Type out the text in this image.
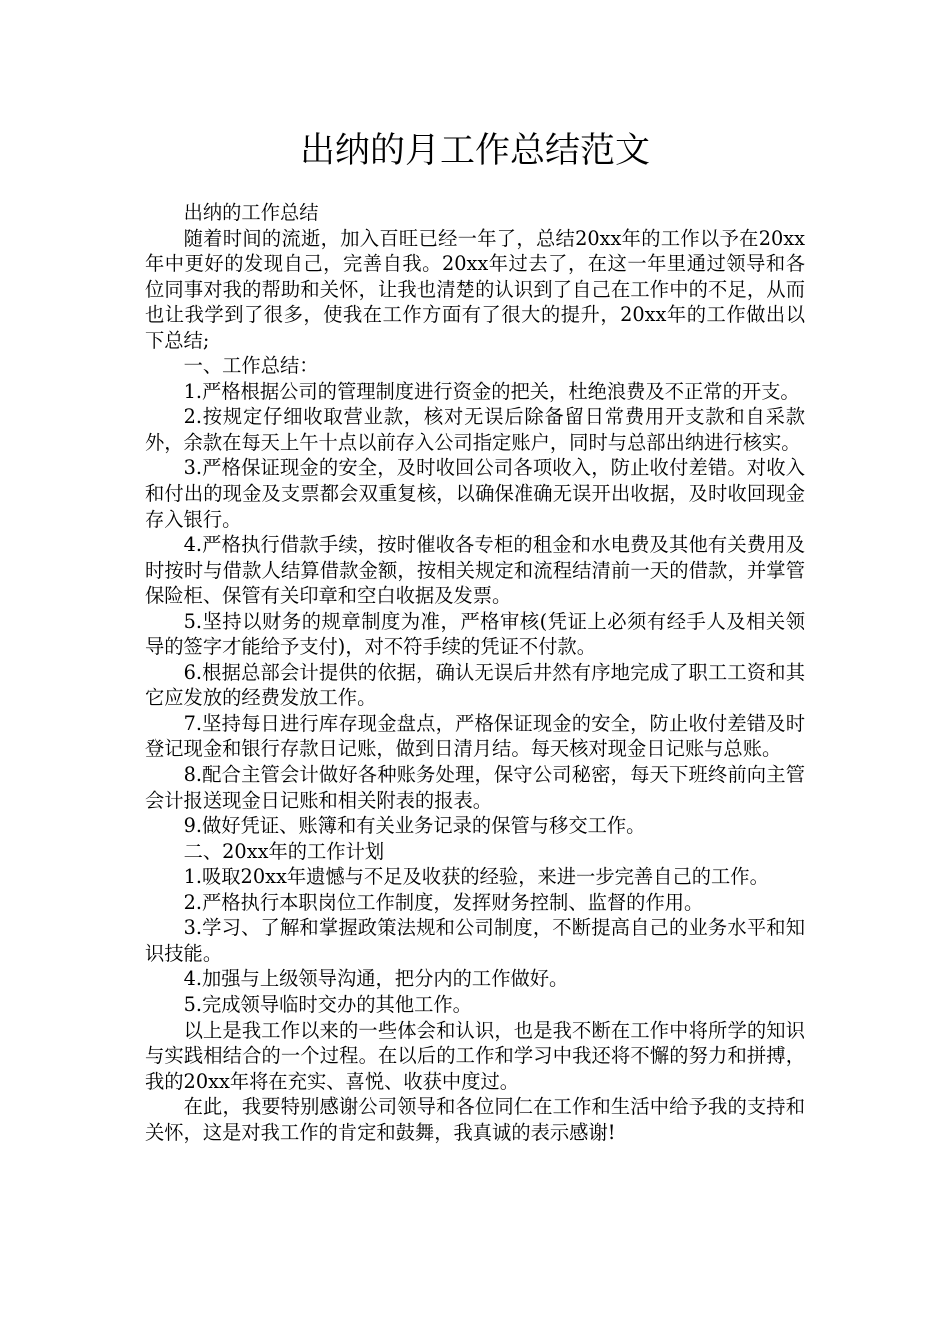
出纳的月工作总结范文

出纳的工作总结

随着时间的流逝，加入百旺已经一年了，总结20xx年的工作以予在20xx年中更好的发现自己，完善自我。20xx年过去了，在这一年里通过领导和各位同事对我的帮助和关怀，让我也清楚的认识到了自己在工作中的不足，从而也让我学到了很多，使我在工作方面有了很大的提升，20xx年的工作做出以下总结;

一、工作总结：

1.严格根据公司的管理制度进行资金的把关，杜绝浪费及不正常的开支。

2.按规定仔细收取营业款，核对无误后除备留日常费用开支款和自采款外，余款在每天上午十点以前存入公司指定账户，同时与总部出纳进行核实。

3.严格保证现金的安全，及时收回公司各项收入，防止收付差错。对收入和付出的现金及支票都会双重复核，以确保准确无误开出收据，及时收回现金存入银行。

4.严格执行借款手续，按时催收各专柜的租金和水电费及其他有关费用及时按时与借款人结算借款金额，按相关规定和流程结清前一天的借款，并掌管保险柜、保管有关印章和空白收据及发票。

5.坚持以财务的规章制度为准，严格审核(凭证上必须有经手人及相关领导的签字才能给予支付)，对不符手续的凭证不付款。

6.根据总部会计提供的依据，确认无误后井然有序地完成了职工工资和其它应发放的经费发放工作。

7.坚持每日进行库存现金盘点，严格保证现金的安全，防止收付差错及时登记现金和银行存款日记账，做到日清月结。每天核对现金日记账与总账。

8.配合主管会计做好各种账务处理，保守公司秘密，每天下班终前向主管会计报送现金日记账和相关附表的报表。

9.做好凭证、账簿和有关业务记录的保管与移交工作。

二、20xx年的工作计划

1.吸取20xx年遗憾与不足及收获的经验，来进一步完善自己的工作。

2.严格执行本职岗位工作制度，发挥财务控制、监督的作用。

3.学习、了解和掌握政策法规和公司制度，不断提高自己的业务水平和知识技能。

4.加强与上级领导沟通，把分内的工作做好。

5.完成领导临时交办的其他工作。

以上是我工作以来的一些体会和认识，也是我不断在工作中将所学的知识与实践相结合的一个过程。在以后的工作和学习中我还将不懈的努力和拼搏，我的20xx年将在充实、喜悦、收获中度过。

在此，我要特别感谢公司领导和各位同仁在工作和生活中给予我的支持和关怀，这是对我工作的肯定和鼓舞，我真诚的表示感谢!
